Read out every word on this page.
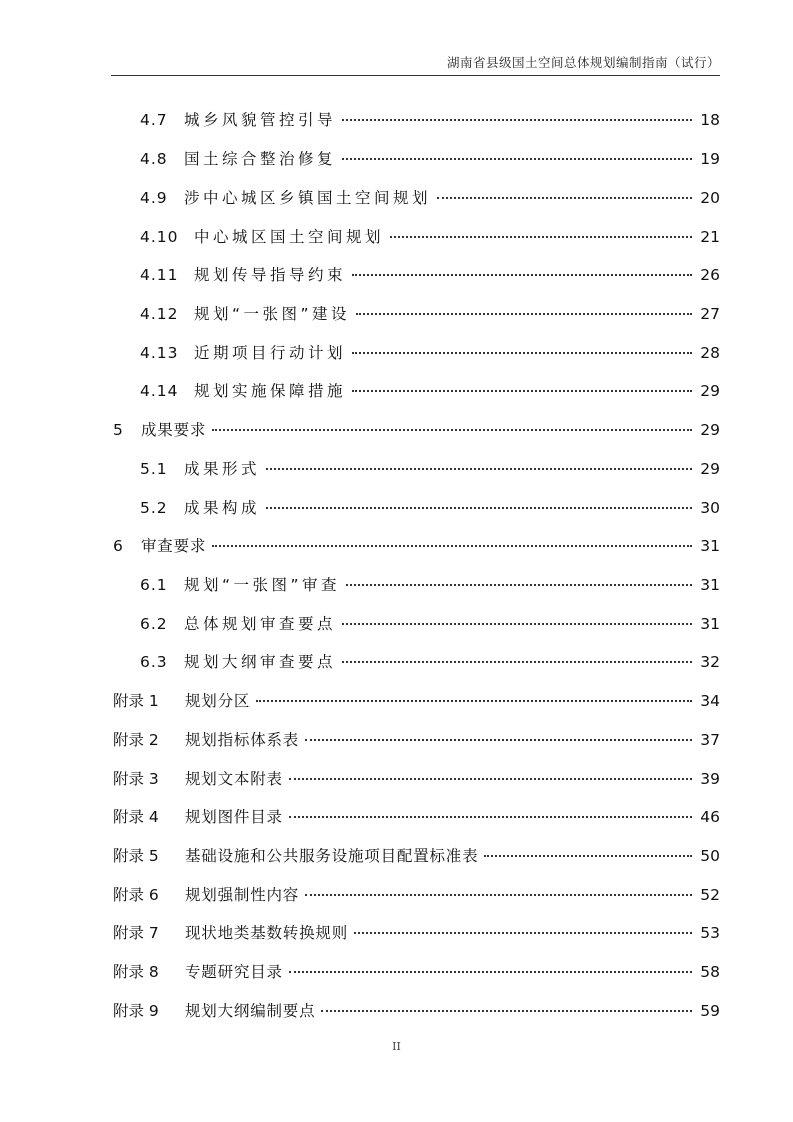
湖南省县级国土空间总体规划编制指南（试行）
4.7	城乡风貌管控引导	18
4.8	国土综合整治修复	19
4.9	涉中心城区乡镇国土空间规划	20
4.10 中心城区国土空间规划	21
4.11 规划传导指导约束	26
4.12 规划“一张图”建设	27
4.13 近期项目行动计划	28
4.14 规划实施保障措施	29
5	成果要求	29
5.1	成果形式	29
5.2	成果构成	30
6	审查要求	31
6.1	规划“一张图”审查	31
6.2	总体规划审查要点	31
6.3	规划大纲审查要点	32
附录 1	规划分区	34
附录 2	规划指标体系表	37
附录 3	规划文本附表	39
附录 4	规划图件目录	46
附录 5	基础设施和公共服务设施项目配置标准表	50
附录 6	规划强制性内容	52
附录 7	现状地类基数转换规则	53
附录 8	专题研究目录	58
附录 9	规划大纲编制要点	59
II
